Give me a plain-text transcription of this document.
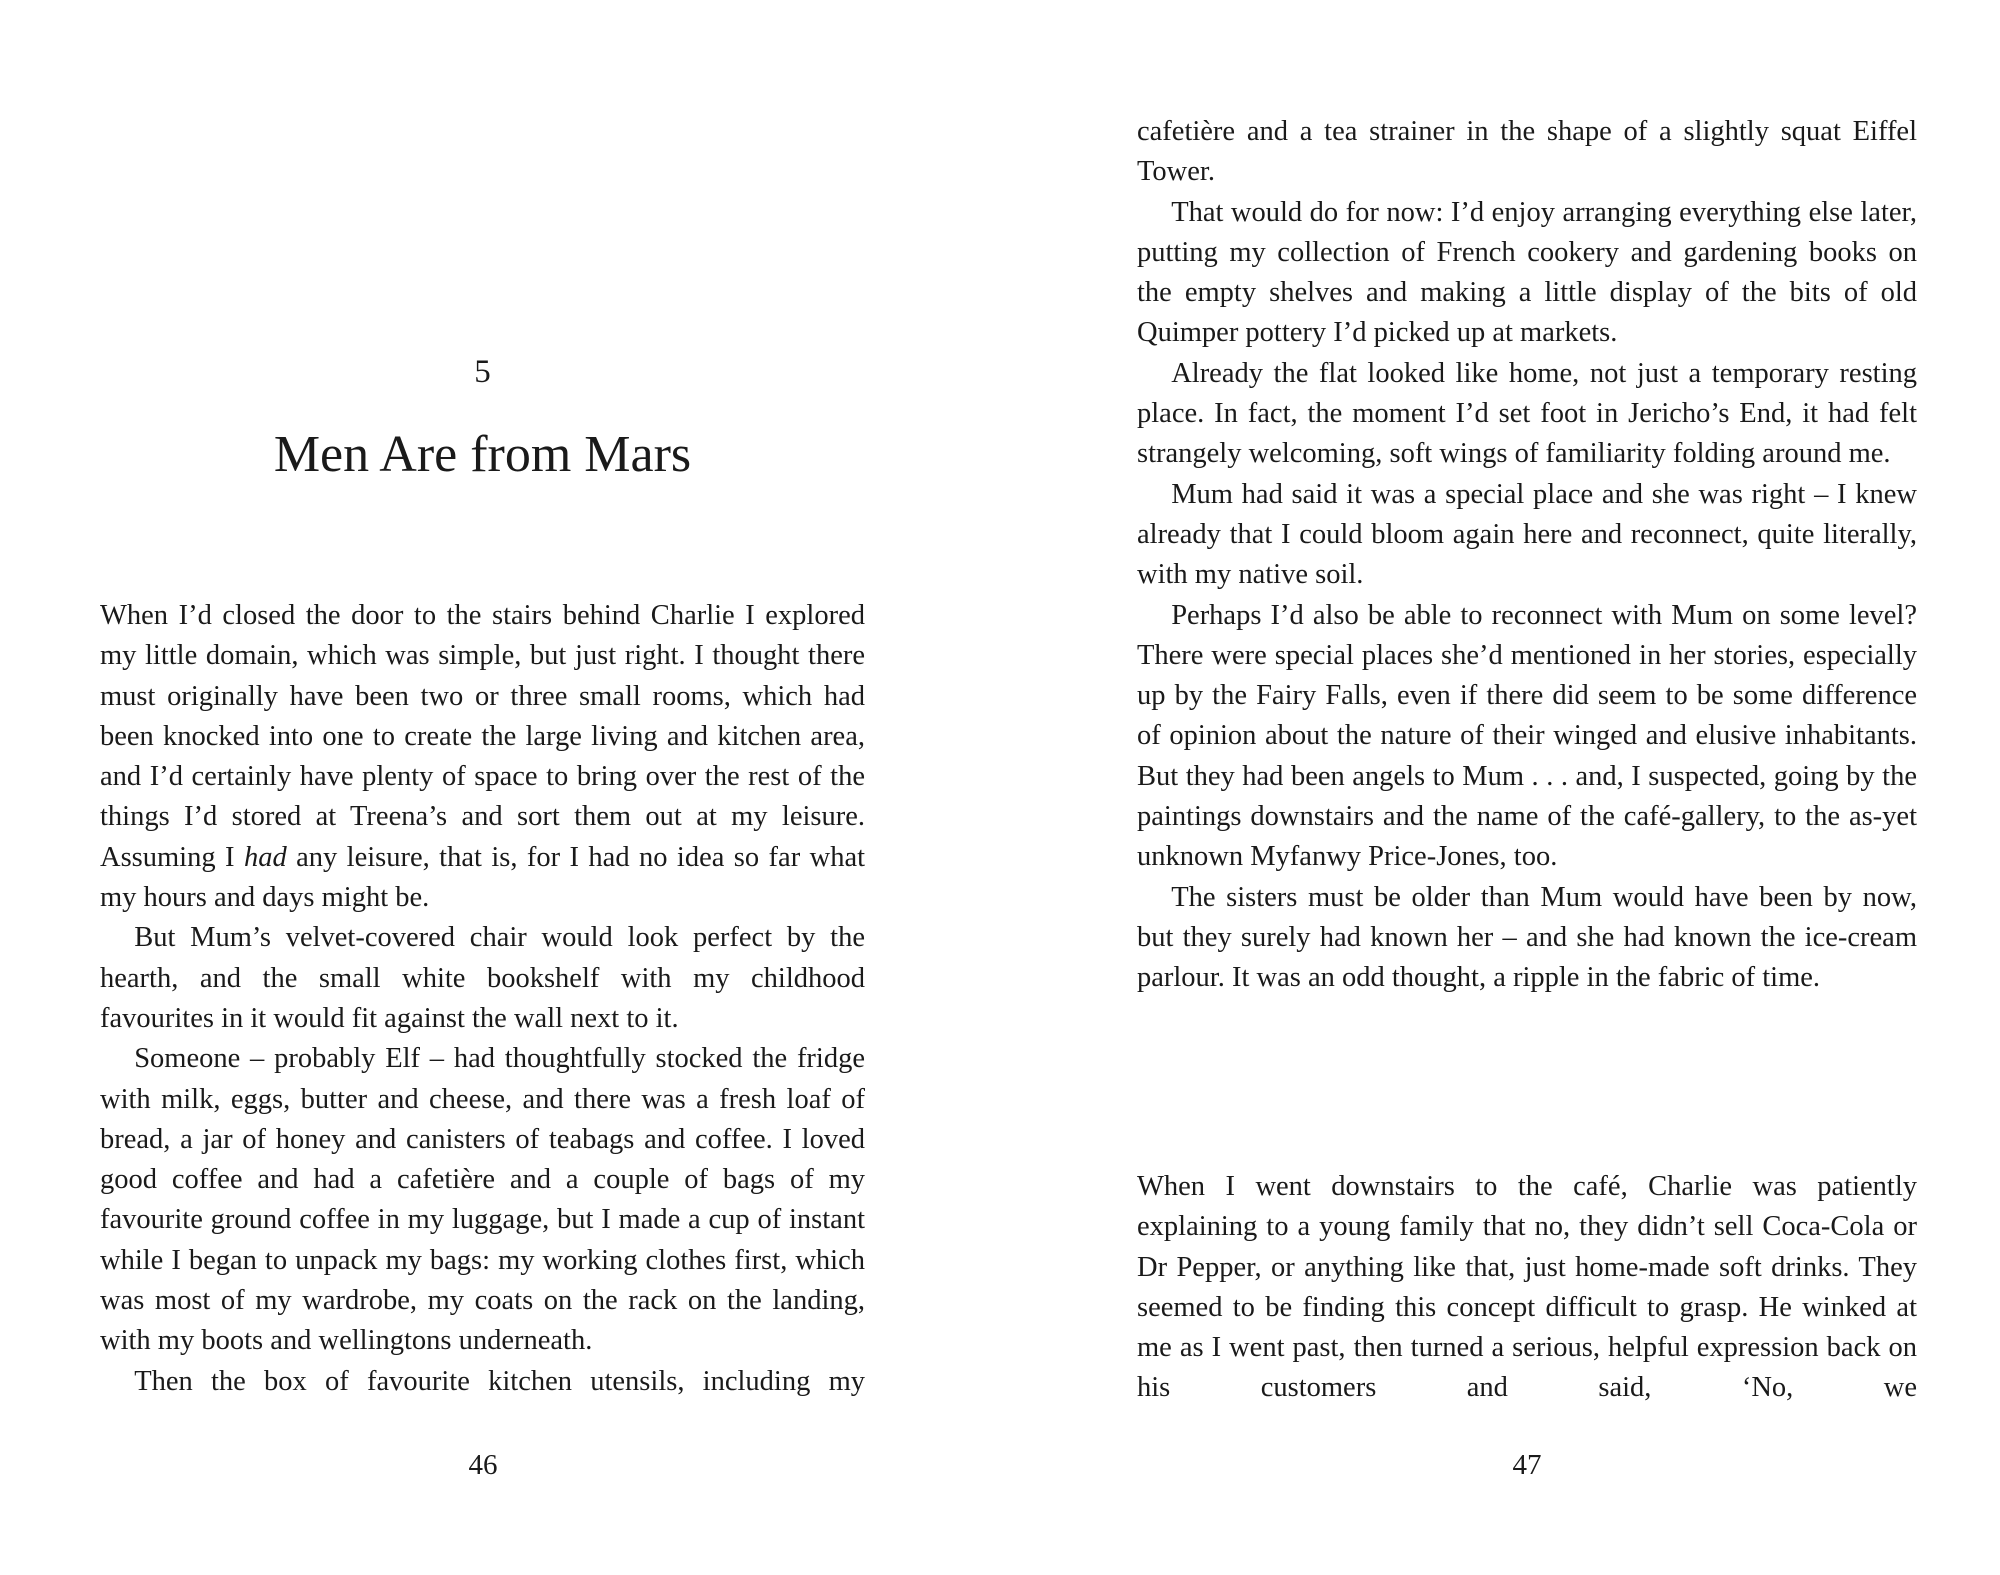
5
Men Are from Mars

When I’d closed the door to the stairs behind Charlie I explored my little domain, which was simple, but just right. I thought there must originally have been two or three small rooms, which had been knocked into one to create the large living and kitchen area, and I’d certainly have plenty of space to bring over the rest of the things I’d stored at Treena’s and sort them out at my leisure. Assuming I had any leisure, that is, for I had no idea so far what my hours and days might be.

But Mum’s velvet-covered chair would look perfect by the hearth, and the small white bookshelf with my childhood favourites in it would fit against the wall next to it.

Someone – probably Elf – had thoughtfully stocked the fridge with milk, eggs, butter and cheese, and there was a fresh loaf of bread, a jar of honey and canisters of teabags and coffee. I loved good coffee and had a cafetière and a couple of bags of my favourite ground coffee in my luggage, but I made a cup of instant while I began to unpack my bags: my working clothes first, which was most of my wardrobe, my coats on the rack on the landing, with my boots and wellingtons underneath.

Then the box of favourite kitchen utensils, including my

46

cafetière and a tea strainer in the shape of a slightly squat Eiffel Tower.

That would do for now: I’d enjoy arranging everything else later, putting my collection of French cookery and gardening books on the empty shelves and making a little display of the bits of old Quimper pottery I’d picked up at markets.

Already the flat looked like home, not just a temporary resting place. In fact, the moment I’d set foot in Jericho’s End, it had felt strangely welcoming, soft wings of familiarity folding around me.

Mum had said it was a special place and she was right – I knew already that I could bloom again here and reconnect, quite literally, with my native soil.

Perhaps I’d also be able to reconnect with Mum on some level? There were special places she’d mentioned in her stories, especially up by the Fairy Falls, even if there did seem to be some difference of opinion about the nature of their winged and elusive inhabitants. But they had been angels to Mum . . . and, I suspected, going by the paintings downstairs and the name of the café-gallery, to the as-yet unknown Myfanwy Price-Jones, too.

The sisters must be older than Mum would have been by now, but they surely had known her – and she had known the ice-cream parlour. It was an odd thought, a ripple in the fabric of time.

When I went downstairs to the café, Charlie was patiently explaining to a young family that no, they didn’t sell Coca-Cola or Dr Pepper, or anything like that, just home-made soft drinks. They seemed to be finding this concept difficult to grasp. He winked at me as I went past, then turned a serious, helpful expression back on his customers and said, ‘No, we

47
